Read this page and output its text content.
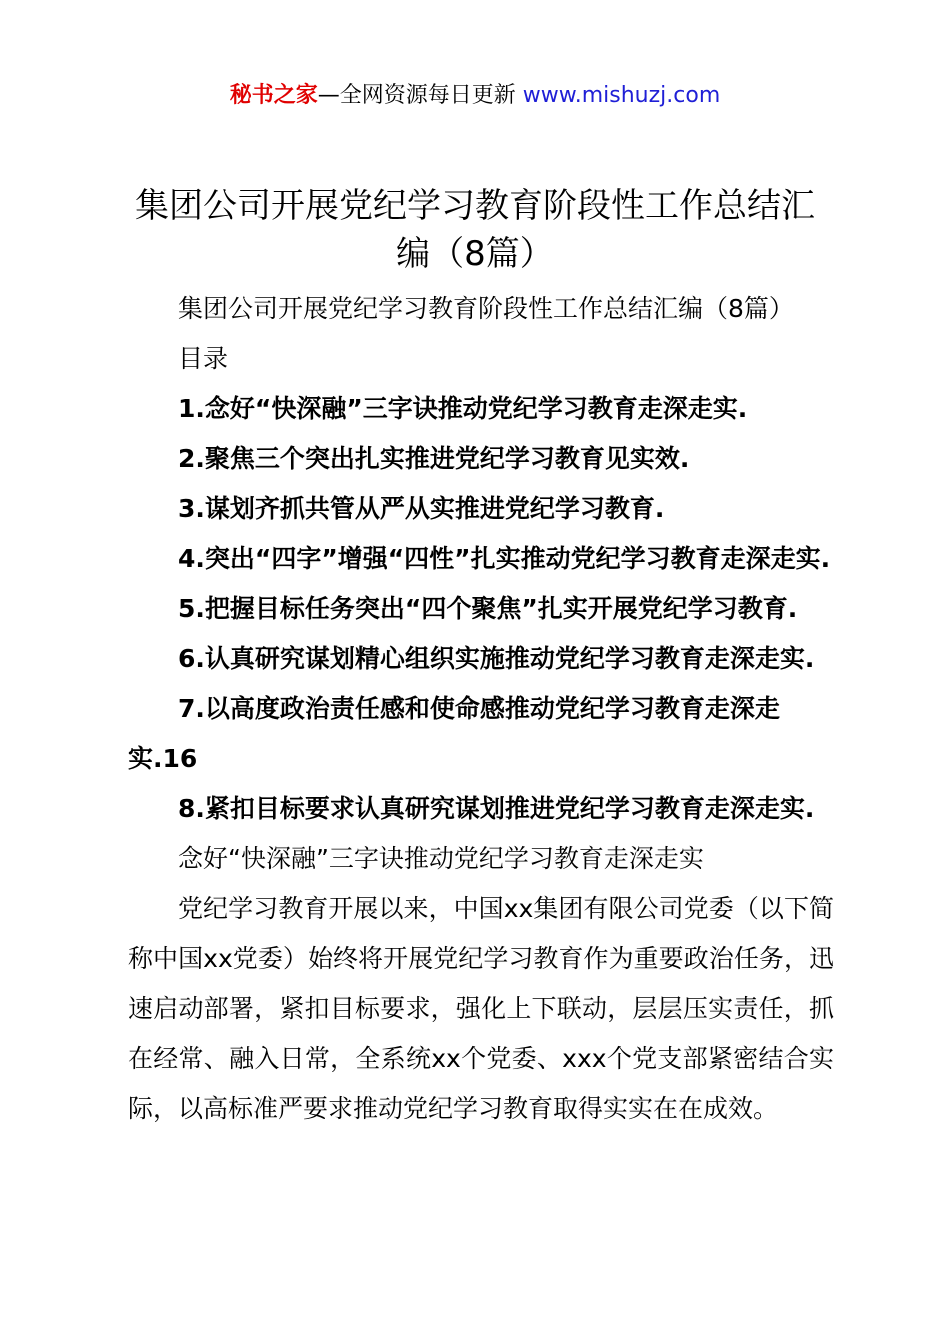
秘书之家—全网资源每日更新 www.mishuzj.com
集团公司开展党纪学习教育阶段性工作总结汇编（8篇）

集团公司开展党纪学习教育阶段性工作总结汇编（8篇）

目录

1.念好“快深融”三字诀推动党纪学习教育走深走实.

2.聚焦三个突出扎实推进党纪学习教育见实效.

3.谋划齐抓共管从严从实推进党纪学习教育.

4.突出“四字”增强“四性”扎实推动党纪学习教育走深走实.

5.把握目标任务突出“四个聚焦”扎实开展党纪学习教育.

6.认真研究谋划精心组织实施推动党纪学习教育走深走实.

7.以高度政治责任感和使命感推动党纪学习教育走深走实.16

8.紧扣目标要求认真研究谋划推进党纪学习教育走深走实.

念好“快深融”三字诀推动党纪学习教育走深走实

党纪学习教育开展以来，中国xx集团有限公司党委（以下简称中国xx党委）始终将开展党纪学习教育作为重要政治任务，迅速启动部署，紧扣目标要求，强化上下联动，层层压实责任，抓在经常、融入日常，全系统xx个党委、xxx个党支部紧密结合实际，以高标准严要求推动党纪学习教育取得实实在在成效。
